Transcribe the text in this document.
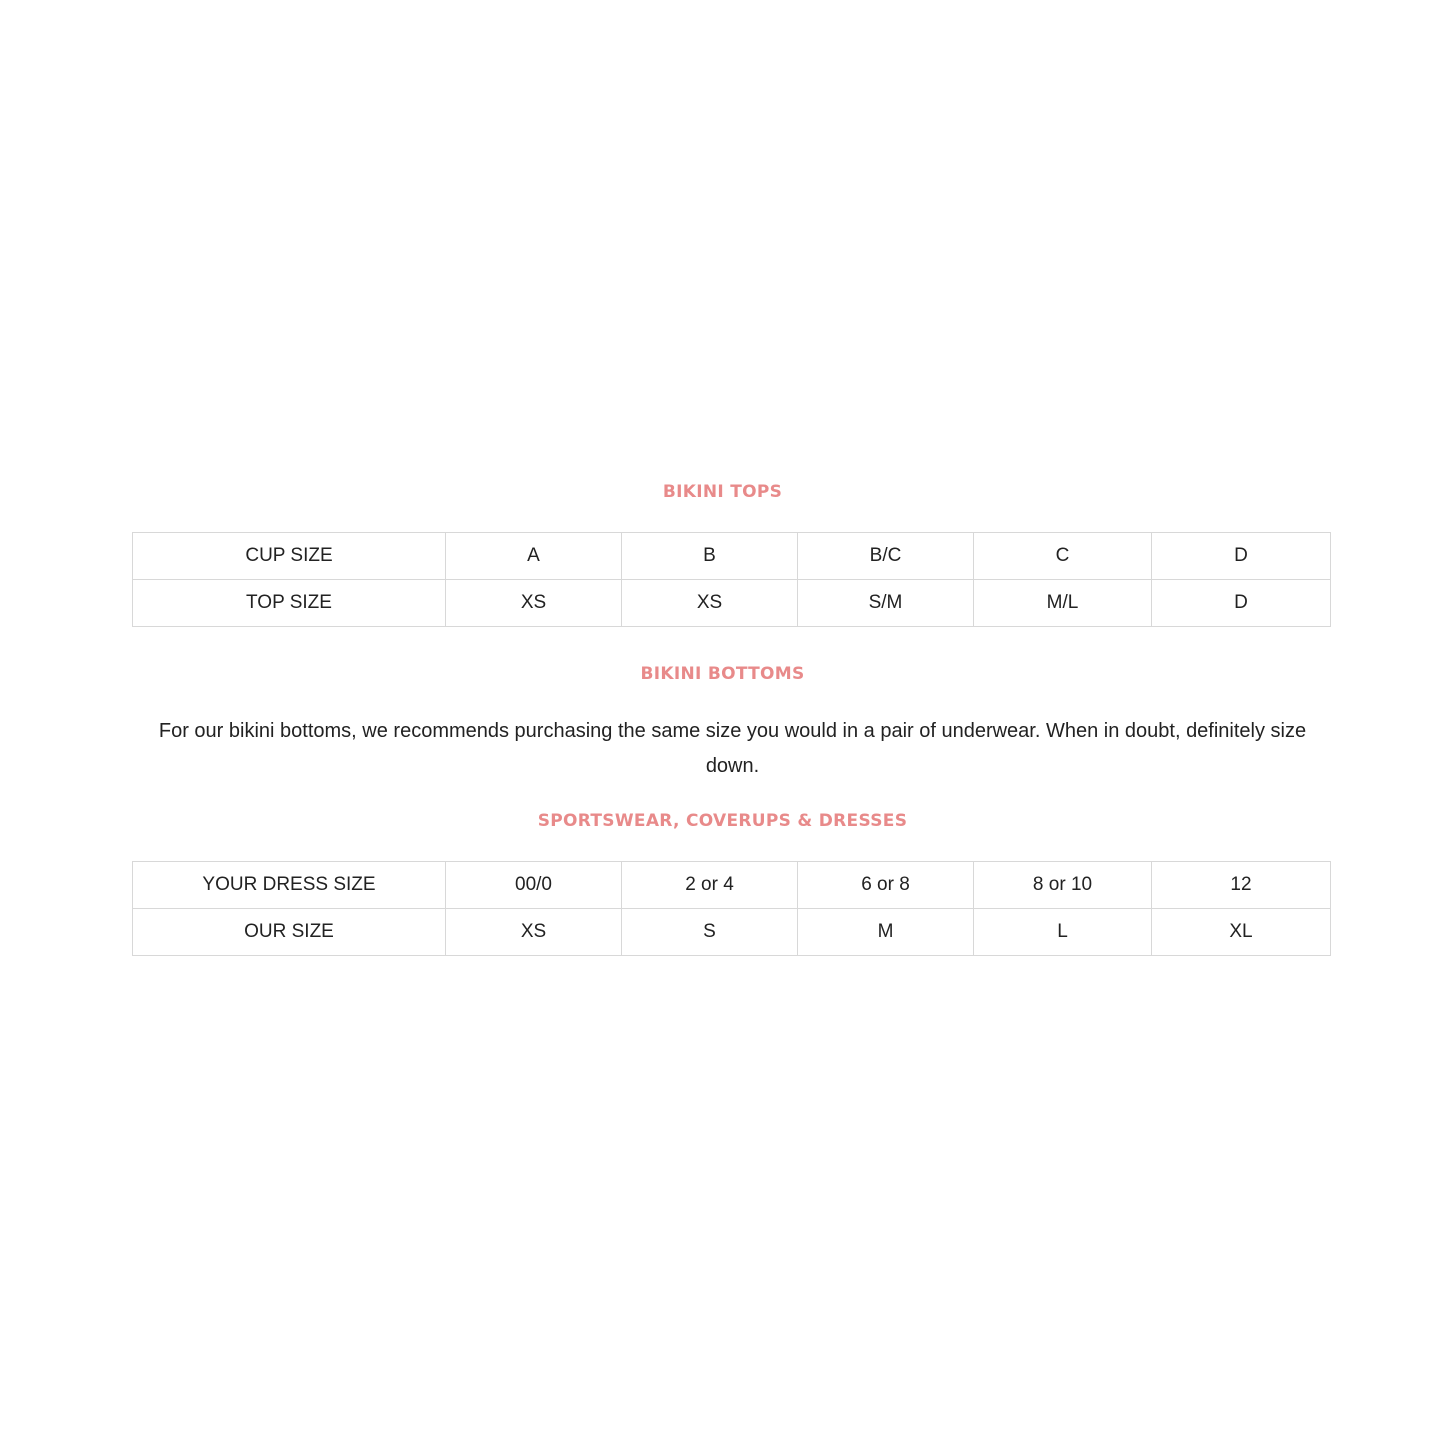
BIKINI TOPS
CUP SIZE	A	B	B/C	C	D
TOP SIZE	XS	XS	S/M	M/L	D
BIKINI BOTTOMS
For our bikini bottoms, we recommends purchasing the same size you would in a pair of underwear. When in doubt, definitely size down.
SPORTSWEAR, COVERUPS & DRESSES
YOUR DRESS SIZE	00/0	2 or 4	6 or 8	8 or 10	12
OUR SIZE	XS	S	M	L	XL
